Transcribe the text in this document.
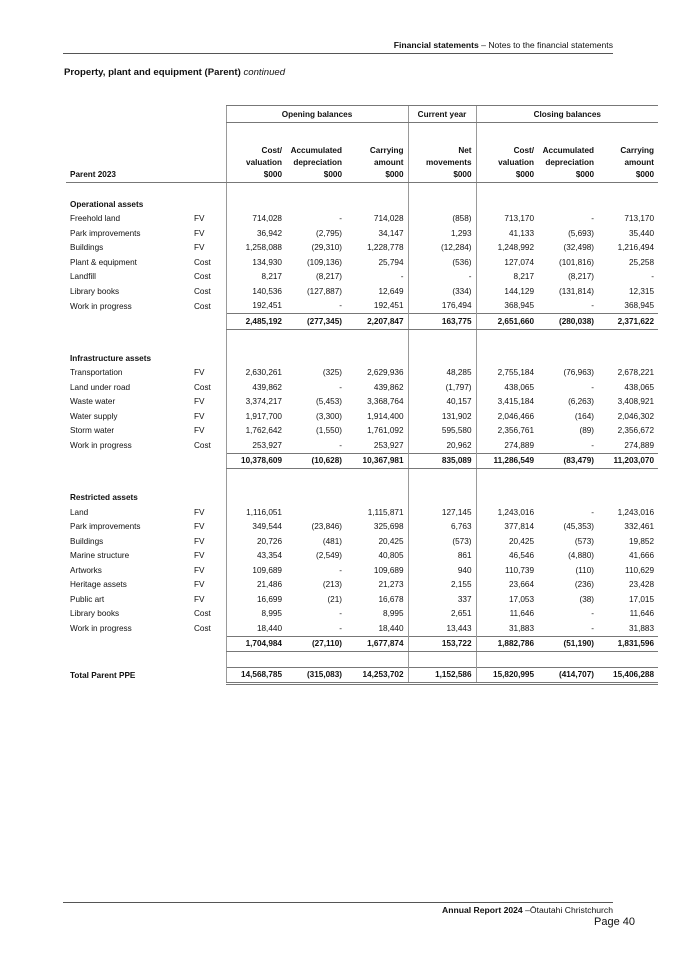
Financial statements – Notes to the financial statements
Property, plant and equipment (Parent) continued
		Opening balances			Current year	Closing balances		

		Cost/	Accumulated	Carrying	Net	Cost/	Accumulated	Carrying
		valuation	depreciation	amount	movements	valuation	depreciation	amount
Parent 2023		$000	$000	$000	$000	$000	$000	$000

Operational assets								
Freehold land	FV	714,028	-	714,028	(858)	713,170	-	713,170
Park improvements	FV	36,942	(2,795)	34,147	1,293	41,133	(5,693)	35,440
Buildings	FV	1,258,088	(29,310)	1,228,778	(12,284)	1,248,992	(32,498)	1,216,494
Plant & equipment	Cost	134,930	(109,136)	25,794	(536)	127,074	(101,816)	25,258
Landfill	Cost	8,217	(8,217)	-	-	8,217	(8,217)	-
Library books	Cost	140,536	(127,887)	12,649	(334)	144,129	(131,814)	12,315
Work in progress	Cost	192,451	-	192,451	176,494	368,945	-	368,945
		2,485,192	(277,345)	2,207,847	163,775	2,651,660	(280,038)	2,371,622

Infrastructure assets								
Transportation	FV	2,630,261	(325)	2,629,936	48,285	2,755,184	(76,963)	2,678,221
Land under road	Cost	439,862	-	439,862	(1,797)	438,065	-	438,065
Waste water	FV	3,374,217	(5,453)	3,368,764	40,157	3,415,184	(6,263)	3,408,921
Water supply	FV	1,917,700	(3,300)	1,914,400	131,902	2,046,466	(164)	2,046,302
Storm water	FV	1,762,642	(1,550)	1,761,092	595,580	2,356,761	(89)	2,356,672
Work in progress	Cost	253,927	-	253,927	20,962	274,889	-	274,889
		10,378,609	(10,628)	10,367,981	835,089	11,286,549	(83,479)	11,203,070

Restricted assets								
Land	FV	1,116,051		1,115,871	127,145	1,243,016	-	1,243,016
Park improvements	FV	349,544	(23,846)	325,698	6,763	377,814	(45,353)	332,461
Buildings	FV	20,726	(481)	20,425	(573)	20,425	(573)	19,852
Marine structure	FV	43,354	(2,549)	40,805	861	46,546	(4,880)	41,666
Artworks	FV	109,689	-	109,689	940	110,739	(110)	110,629
Heritage assets	FV	21,486	(213)	21,273	2,155	23,664	(236)	23,428
Public art	FV	16,699	(21)	16,678	337	17,053	(38)	17,015
Library books	Cost	8,995	-	8,995	2,651	11,646	-	11,646
Work in progress	Cost	18,440	-	18,440	13,443	31,883	-	31,883
		1,704,984	(27,110)	1,677,874	153,722	1,882,786	(51,190)	1,831,596

Total Parent PPE		14,568,785	(315,083)	14,253,702	1,152,586	15,820,995	(414,707)	15,406,288
Annual Report 2024 –Ōtautahi Christchurch
Page 40
